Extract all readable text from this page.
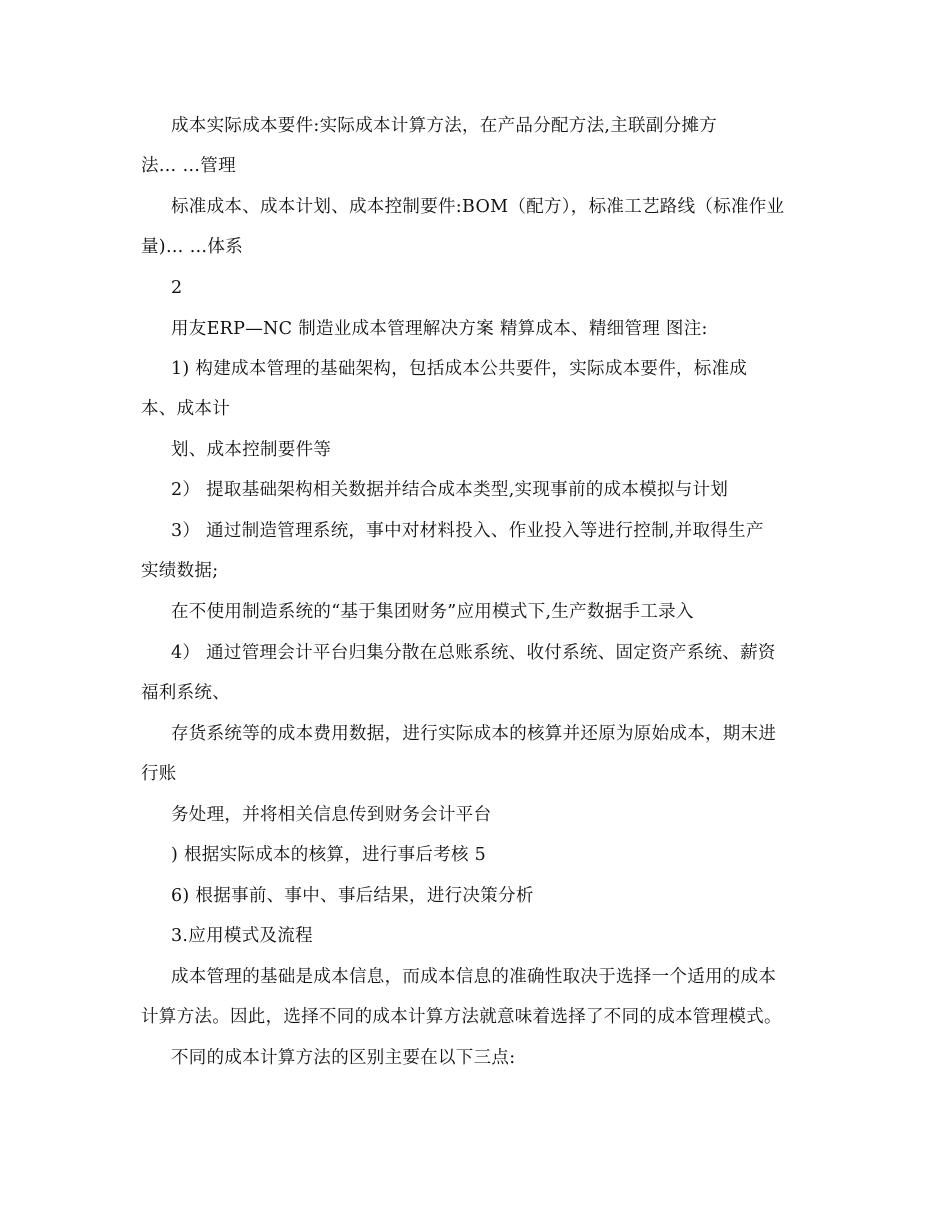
成本实际成本要件:实际成本计算方法，在产品分配方法,主联副分摊方
法… …管理
标准成本、成本计划、成本控制要件:BOM（配方），标准工艺路线（标准作业
量)… …体系
2
用友ERP—NC 制造业成本管理解决方案 精算成本、精细管理 图注:
1) 构建成本管理的基础架构，包括成本公共要件，实际成本要件，标准成
本、成本计
划、成本控制要件等
2） 提取基础架构相关数据并结合成本类型,实现事前的成本模拟与计划
3） 通过制造管理系统，事中对材料投入、作业投入等进行控制,并取得生产
实绩数据;
在不使用制造系统的“基于集团财务”应用模式下,生产数据手工录入
4） 通过管理会计平台归集分散在总账系统、收付系统、固定资产系统、薪资
福利系统、
存货系统等的成本费用数据，进行实际成本的核算并还原为原始成本，期末进
行账
务处理，并将相关信息传到财务会计平台
) 根据实际成本的核算，进行事后考核 5
6) 根据事前、事中、事后结果，进行决策分析
3.应用模式及流程
成本管理的基础是成本信息，而成本信息的准确性取决于选择一个适用的成本
计算方法。因此，选择不同的成本计算方法就意味着选择了不同的成本管理模式。
不同的成本计算方法的区别主要在以下三点:
